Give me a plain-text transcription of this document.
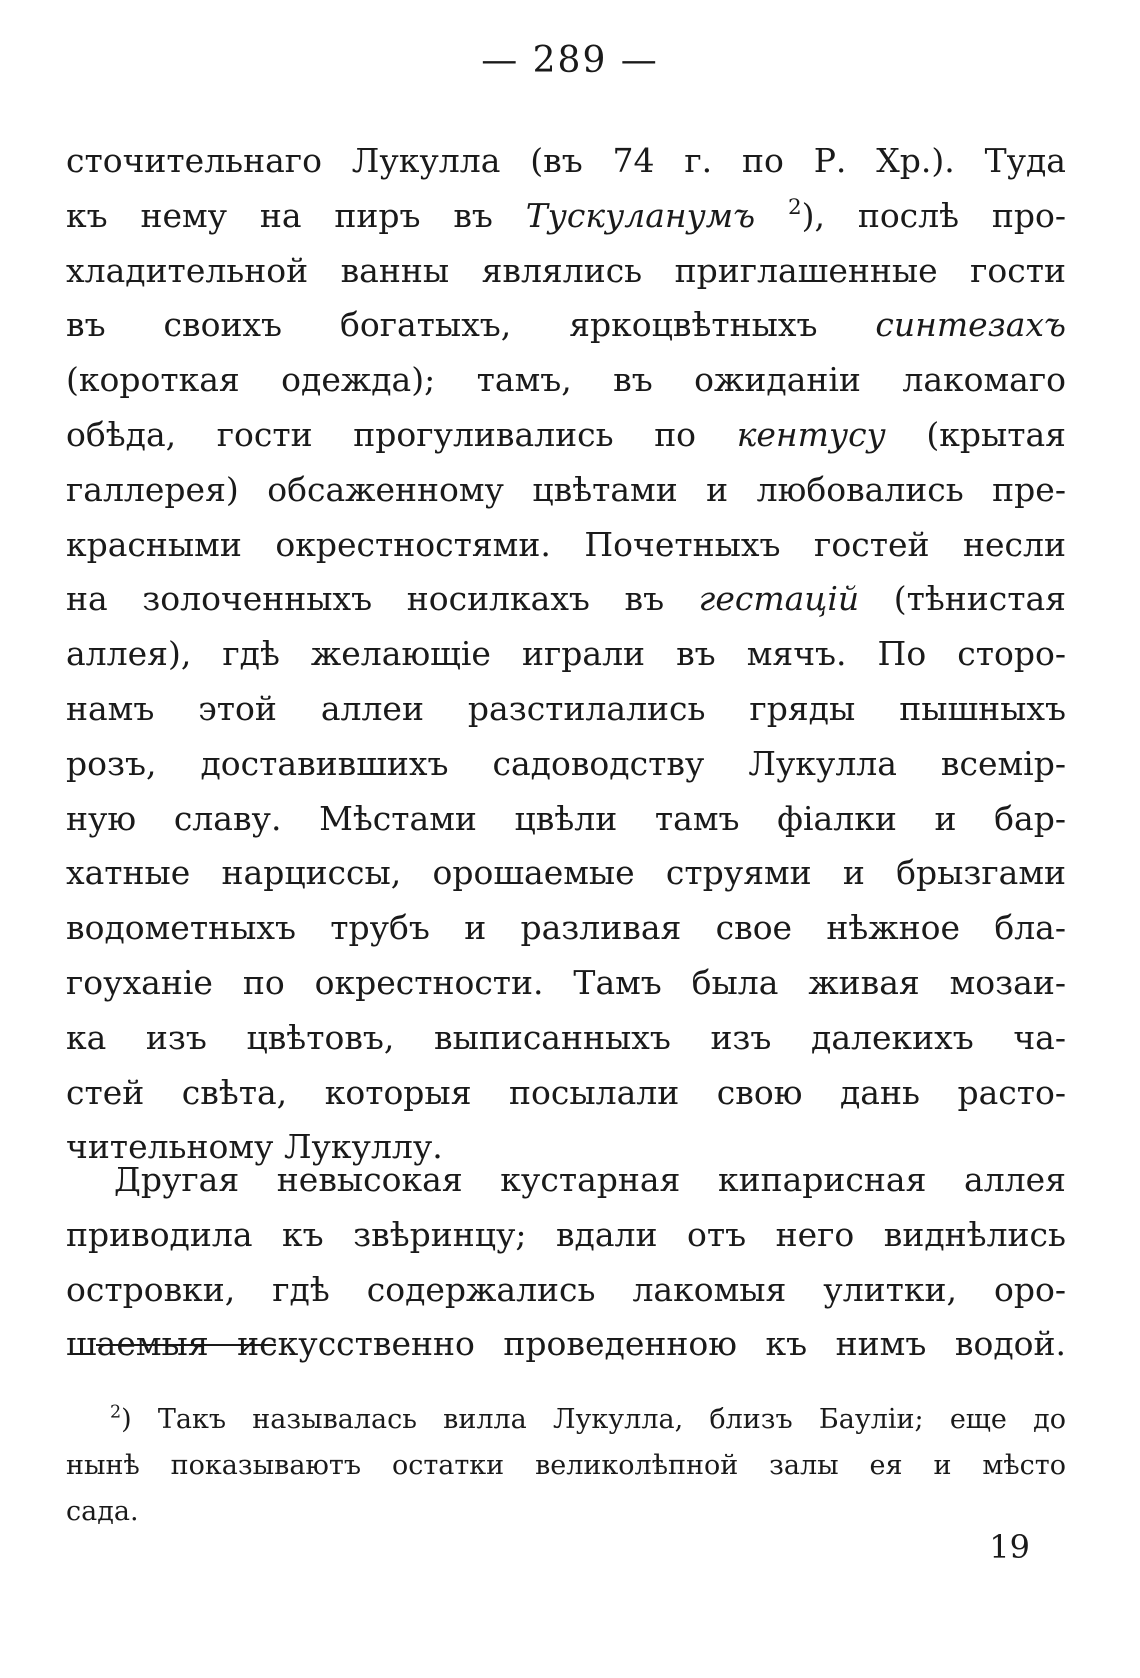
— 289 —
сточительнаго Лукулла (въ 74 г. по Р. Хр.). Туда
къ нему на пиръ въ Тускуланумъ $^2$), послѣ про-
хладительной ванны являлись приглашенные гости
въ своихъ богатыхъ, яркоцвѣтныхъ синтезахъ
(короткая одежда); тамъ, въ ожиданіи лакомаго
обѣда, гости прогуливались по кентусу (крытая
галлерея) обсаженному цвѣтами и любовались пре-
красными окрестностями. Почетныхъ гостей несли
на золоченныхъ носилкахъ въ гестацій (тѣнистая
аллея), гдѣ желающіе играли въ мячъ. По сторо-
намъ этой аллеи разстилались гряды пышныхъ
розъ, доставившихъ садоводству Лукулла всемір-
ную славу. Мѣстами цвѣли тамъ фіалки и бар-
хатные нарциссы, орошаемые струями и брызгами
водометныхъ трубъ и разливая свое нѣжное бла-
гоуханіе по окрестности. Тамъ была живая мозаи-
ка изъ цвѣтовъ, выписанныхъ изъ далекихъ ча-
стей свѣта, которыя посылали свою дань расто-
чительному Лукуллу.
Другая невысокая кустарная кипарисная аллея
приводила къ звѣринцу; вдали отъ него виднѣлись
островки, гдѣ содержались лакомыя улитки, оро-
шаемыя искусственно проведенною къ нимъ водой.
$^2$) Такъ называлась вилла Лукулла, близъ Бауліи; еще до
нынѣ показываютъ остатки великолѣпной залы ея и мѣсто
сада.
19
